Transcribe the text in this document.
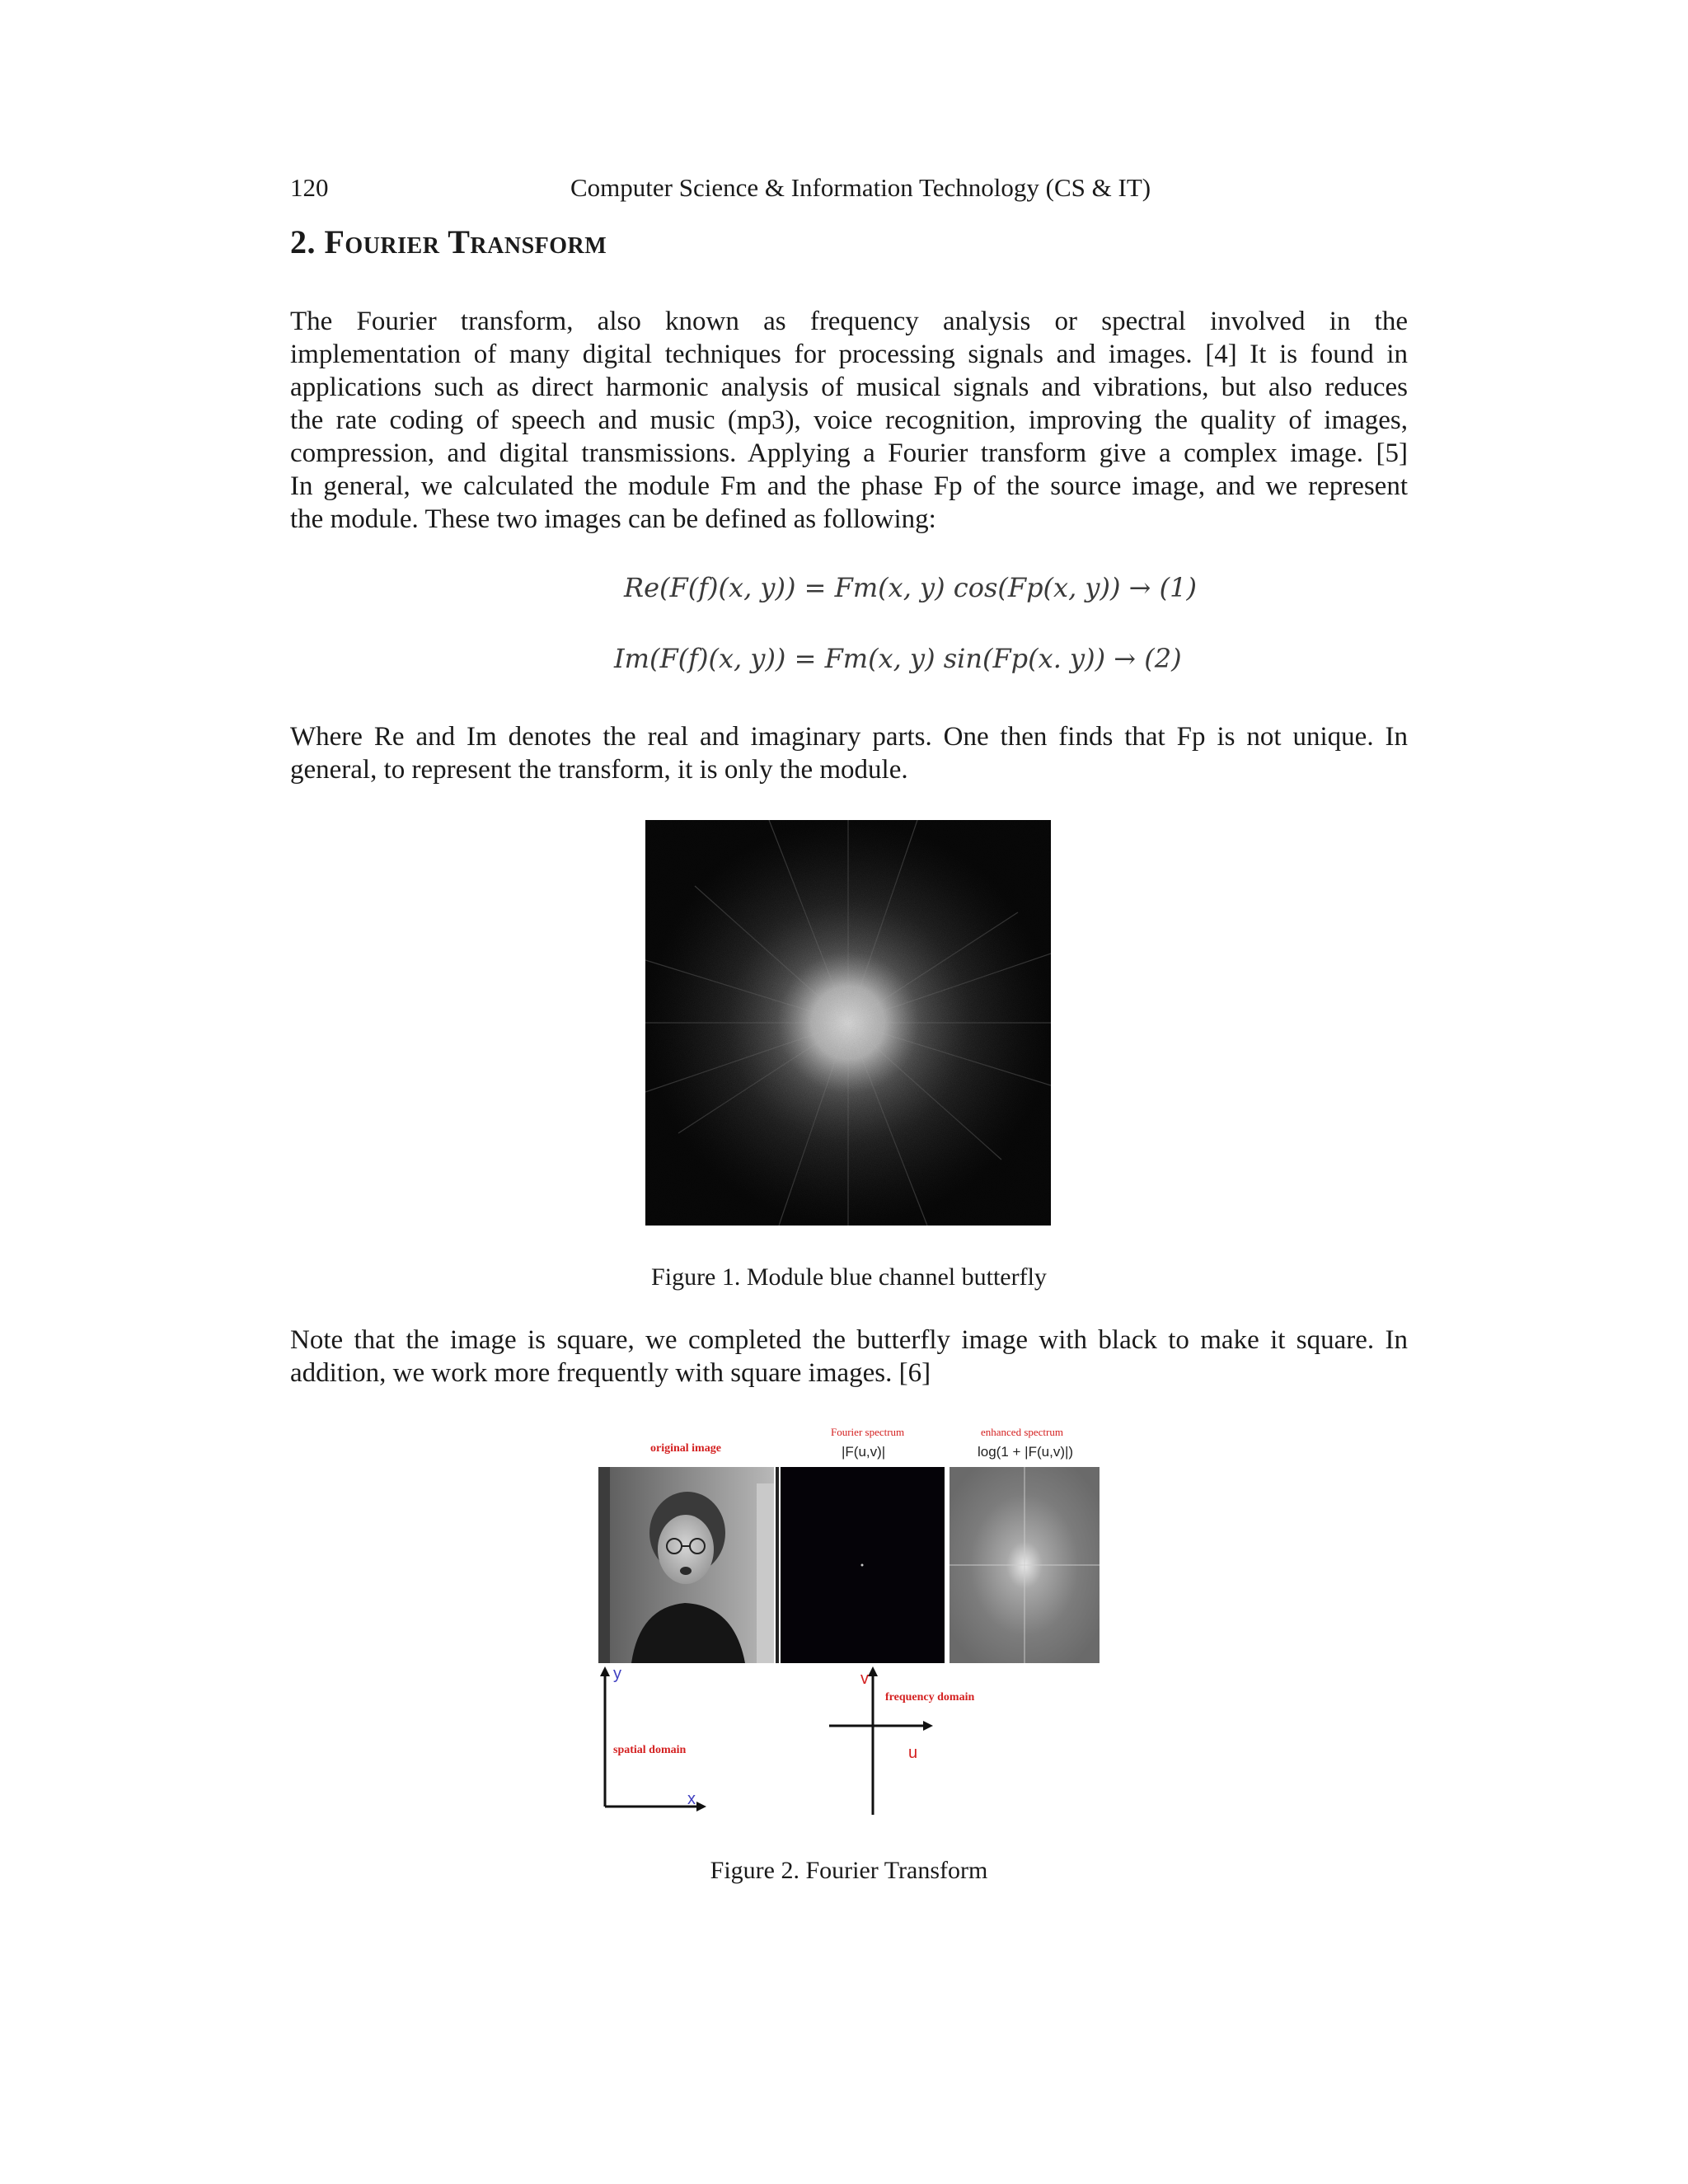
120	Computer Science & Information Technology (CS & IT)
2. Fourier Transform
The Fourier transform, also known as frequency analysis or spectral involved in the
implementation of many digital techniques for processing signals and images. [4] It is found in
applications such as direct harmonic analysis of musical signals and vibrations, but also reduces
the rate coding of speech and music (mp3), voice recognition, improving the quality of images,
compression, and digital transmissions. Applying a Fourier transform give a complex image. [5]
In general, we calculated the module Fm and the phase Fp of the source image, and we represent
the module. These two images can be defined as following:
Re(F(f)(x, y)) = Fm(x, y) cos(Fp(x, y)) → (1)
Im(F(f)(x, y)) = Fm(x, y) sin(Fp(x. y)) → (2)
Where Re and Im denotes the real and imaginary parts. One then finds that Fp is not unique. In
general, to represent the transform, it is only the module.
Figure 1. Module blue channel butterfly
Note that the image is square, we completed the butterfly image with black to make it square. In
addition, we work more frequently with square images. [6]
original image
Fourier spectrum
|F(u,v)|
enhanced spectrum
log(1 + |F(u,v)|)
y
x
spatial domain
v
frequency domain
u
Figure 2. Fourier Transform
